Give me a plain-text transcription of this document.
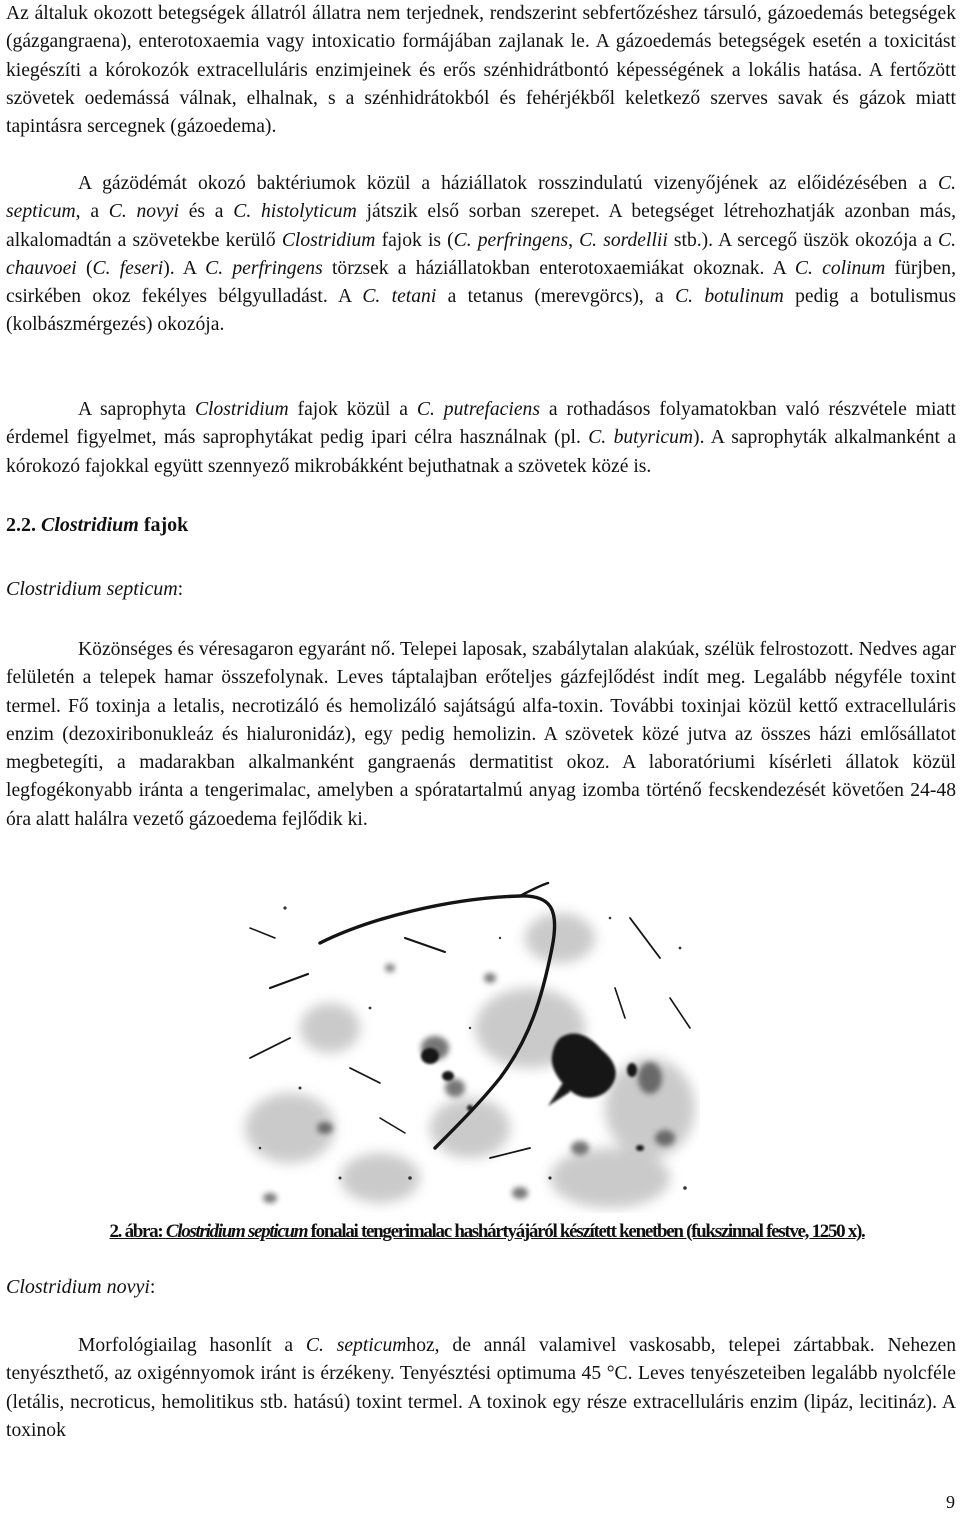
Az általuk okozott betegségek állatról állatra nem terjednek, rendszerint sebfertőzéshez társuló, gázoedemás betegségek (gázgangraena), enterotoxaemia vagy intoxicatio formájában zajlanak le. A gázoedemás betegségek esetén a toxicitást kiegészíti a kórokozók extracelluláris enzimjeinek és erős szénhidrátbontó képességének a lokális hatása. A fertőzött szövetek oedemássá válnak, elhalnak, s a szénhidrátokból és fehérjékből keletkező szerves savak és gázok miatt tapintásra sercegnek (gázoedema).

A gázödémát okozó baktériumok közül a háziállatok rosszindulatú vizenyőjének az előidézésében a C. septicum, a C. novyi és a C. histolyticum játszik első sorban szerepet. A betegséget létrehozhatják azonban más, alkalomadtán a szövetekbe kerülő Clostridium fajok is (C. perfringens, C. sordellii stb.). A sercegő üszök okozója a C. chauvoei (C. feseri). A C. perfringens törzsek a háziállatokban enterotoxaemiákat okoznak. A C. colinum fürjben, csirkében okoz fekélyes bélgyulladást. A C. tetani a tetanus (merevgörcs), a C. botulinum pedig a botulismus (kolbászmérgezés) okozója.

A saprophyta Clostridium fajok közül a C. putrefaciens a rothadásos folyamatokban való részvétele miatt érdemel figyelmet, más saprophytákat pedig ipari célra használnak (pl. C. butyricum). A saprophyták alkalmanként a kórokozó fajokkal együtt szennyező mikrobákként bejuthatnak a szövetek közé is.

2.2. Clostridium fajok

Clostridium septicum:

Közönséges és véresagaron egyaránt nő. Telepei laposak, szabálytalan alakúak, szélük felrostozott. Nedves agar felületén a telepek hamar összefolynak. Leves táptalajban erőteljes gázfejlődést indít meg. Legalább négyféle toxint termel. Fő toxinja a letalis, necrotizáló és hemolizáló sajátságú alfa-toxin. További toxinjai közül kettő extracelluláris enzim (dezoxiribonukleáz és hialuronidáz), egy pedig hemolizin. A szövetek közé jutva az összes házi emlősállatot megbetegíti, a madarakban alkalmanként gangraenás dermatitist okoz. A laboratóriumi kísérleti állatok közül legfogékonyabb iránta a tengerimalac, amelyben a spóratartalmú anyag izomba történő fecskendezését követően 24-48 óra alatt halálra vezető gázoedema fejlődik ki.

2. ábra: Clostridium septicum fonalai tengerimalac hashártyájáról készített kenetben (fukszinnal festve, 1250 x).

Clostridium novyi:

Morfológiailag hasonlít a C. septicumhoz, de annál valamivel vaskosabb, telepei zártabbak. Nehezen tenyészthető, az oxigénnyomok iránt is érzékeny. Tenyésztési optimuma 45 °C. Leves tenyészeteiben legalább nyolcféle (letális, necroticus, hemolitikus stb. hatású) toxint termel. A toxinok egy része extracelluláris enzim (lipáz, lecitináz). A toxinok

9
